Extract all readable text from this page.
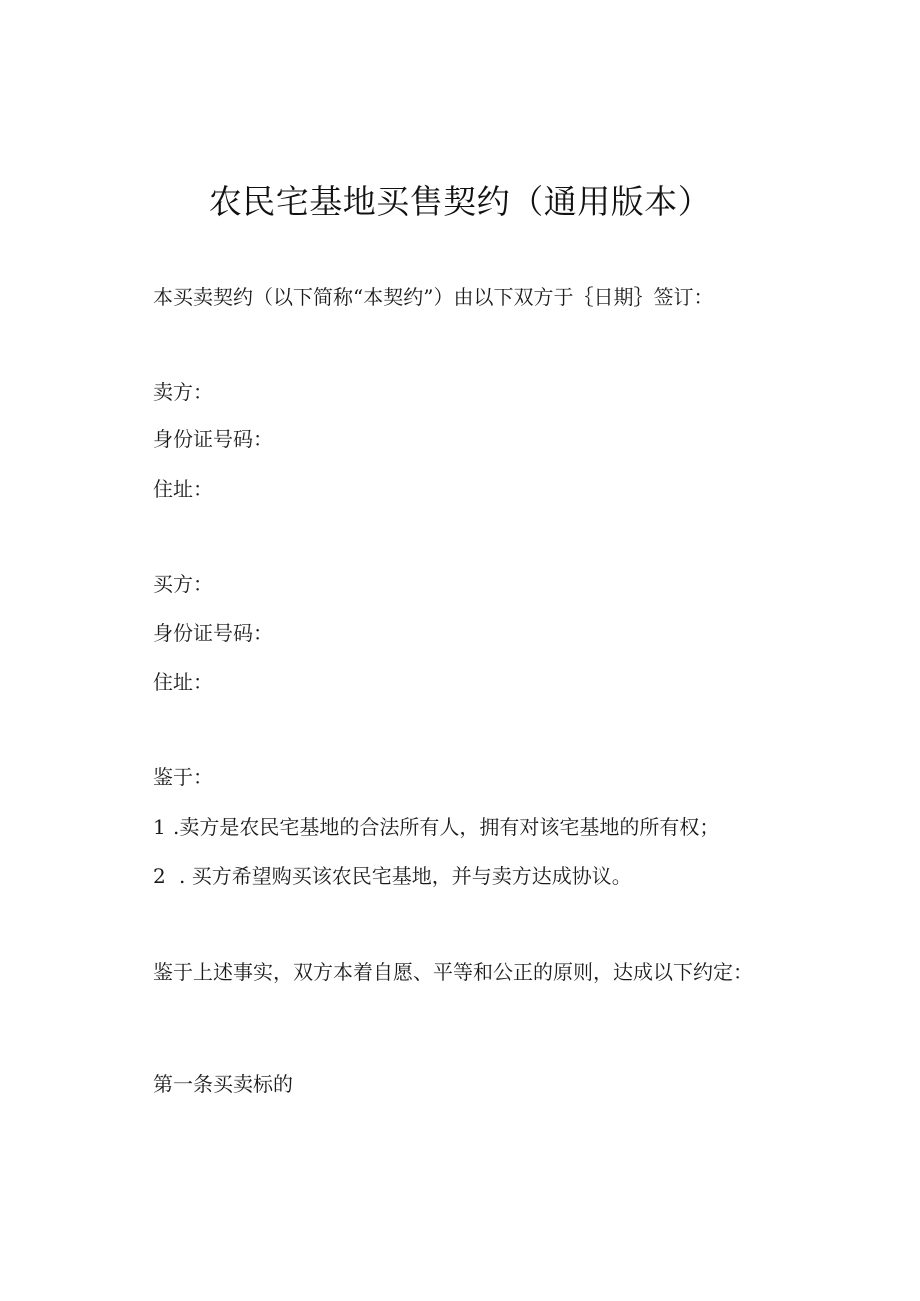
农民宅基地买售契约（通用版本）
本买卖契约（以下简称“本契约”）由以下双方于｛日期｝签订：
卖方：
身份证号码：
住址：
买方：
身份证号码：
住址：
鉴于：
1 .卖方是农民宅基地的合法所有人，拥有对该宅基地的所有权；
2 . 买方希望购买该农民宅基地，并与卖方达成协议。
鉴于上述事实，双方本着自愿、平等和公正的原则，达成以下约定：
第一条买卖标的
